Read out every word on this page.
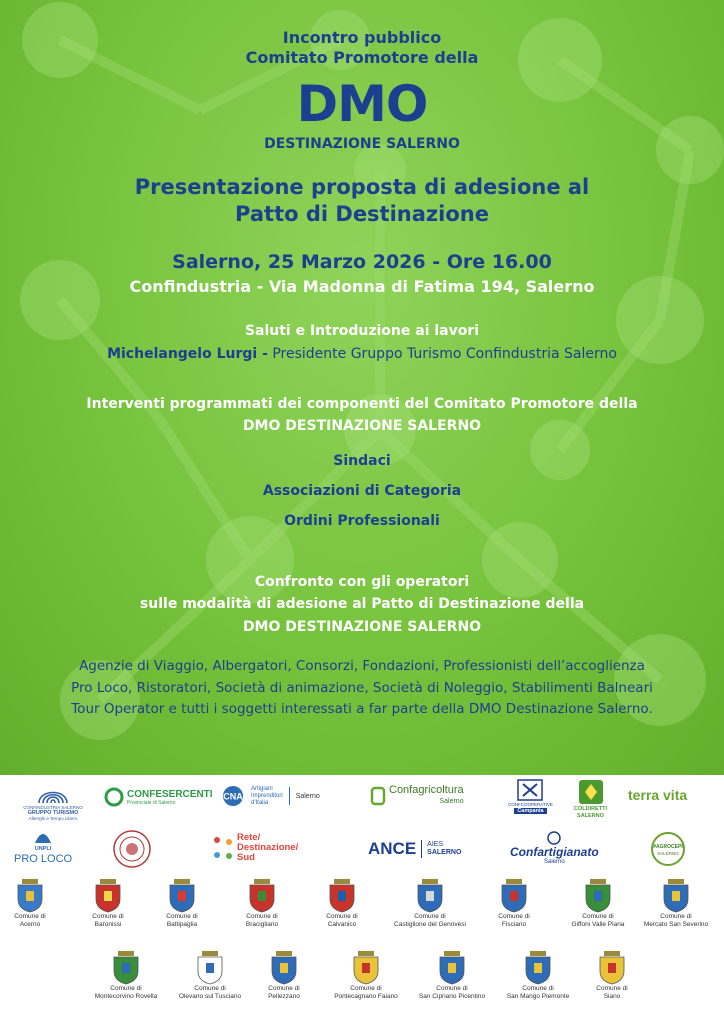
Incontro pubblico
Comitato Promotore della
DMO
DESTINAZIONE SALERNO
Presentazione proposta di adesione al
Patto di Destinazione
Salerno, 25 Marzo 2026 - Ore 16.00
Confindustria - Via Madonna di Fatima 194, Salerno
Saluti e Introduzione ai lavori
Michelangelo Lurgi - Presidente Gruppo Turismo Confindustria Salerno
Interventi programmati dei componenti del Comitato Promotore della
DMO DESTINAZIONE SALERNO
Sindaci
Associazioni di Categoria
Ordini Professionali
Confronto con gli operatori
sulle modalità di adesione al Patto di Destinazione della
DMO DESTINAZIONE SALERNO
Agenzie di Viaggio, Albergatori, Consorzi, Fondazioni, Professionisti dell’accoglienza
Pro Loco, Ristoratori, Società di animazione, Società di Noleggio, Stabilimenti Balneari
Tour Operator e tutti i soggetti interessati a far parte della DMO Destinazione Salerno.
CONFINDUSTRIA SALERNO
GRUPPO TURISMO
Alberghi e Tempo Libero
CONFESERCENTI
Provinciale di Salerno
CNA
Artigiani
Imprenditori
d'Italia
Salerno	Confagricoltura
Salerno	CONFCOOPERATIVE
Campania	COLDIRETTI
SALERNO
terra vita
UNPLI
PRO LOCO
Rete/
Destinazione/
Sud	ANCE AIES
SALERNO	Confartigianato
Salerno
#AGROCEPI
SALERNO
Comune di
Acerno
Comune di
Baronissi
Comune di
Battipaglia
Comune di
Bracigliano
Comune di
Calvanico
Comune di
Castiglione del Genovesi
Comune di
Fisciano
Comune di
Giffoni Valle Piana
Comune di
Mercato San Severino
Comune di
Montecorvino Rovella
Comune di
Olevano sul Tusciano
Comune di
Pellezzano
Comune di
Pontecagnano Faiano
Comune di
San Cipriano Picentino
Comune di
San Mango Piemonte
Comune di
Siano
